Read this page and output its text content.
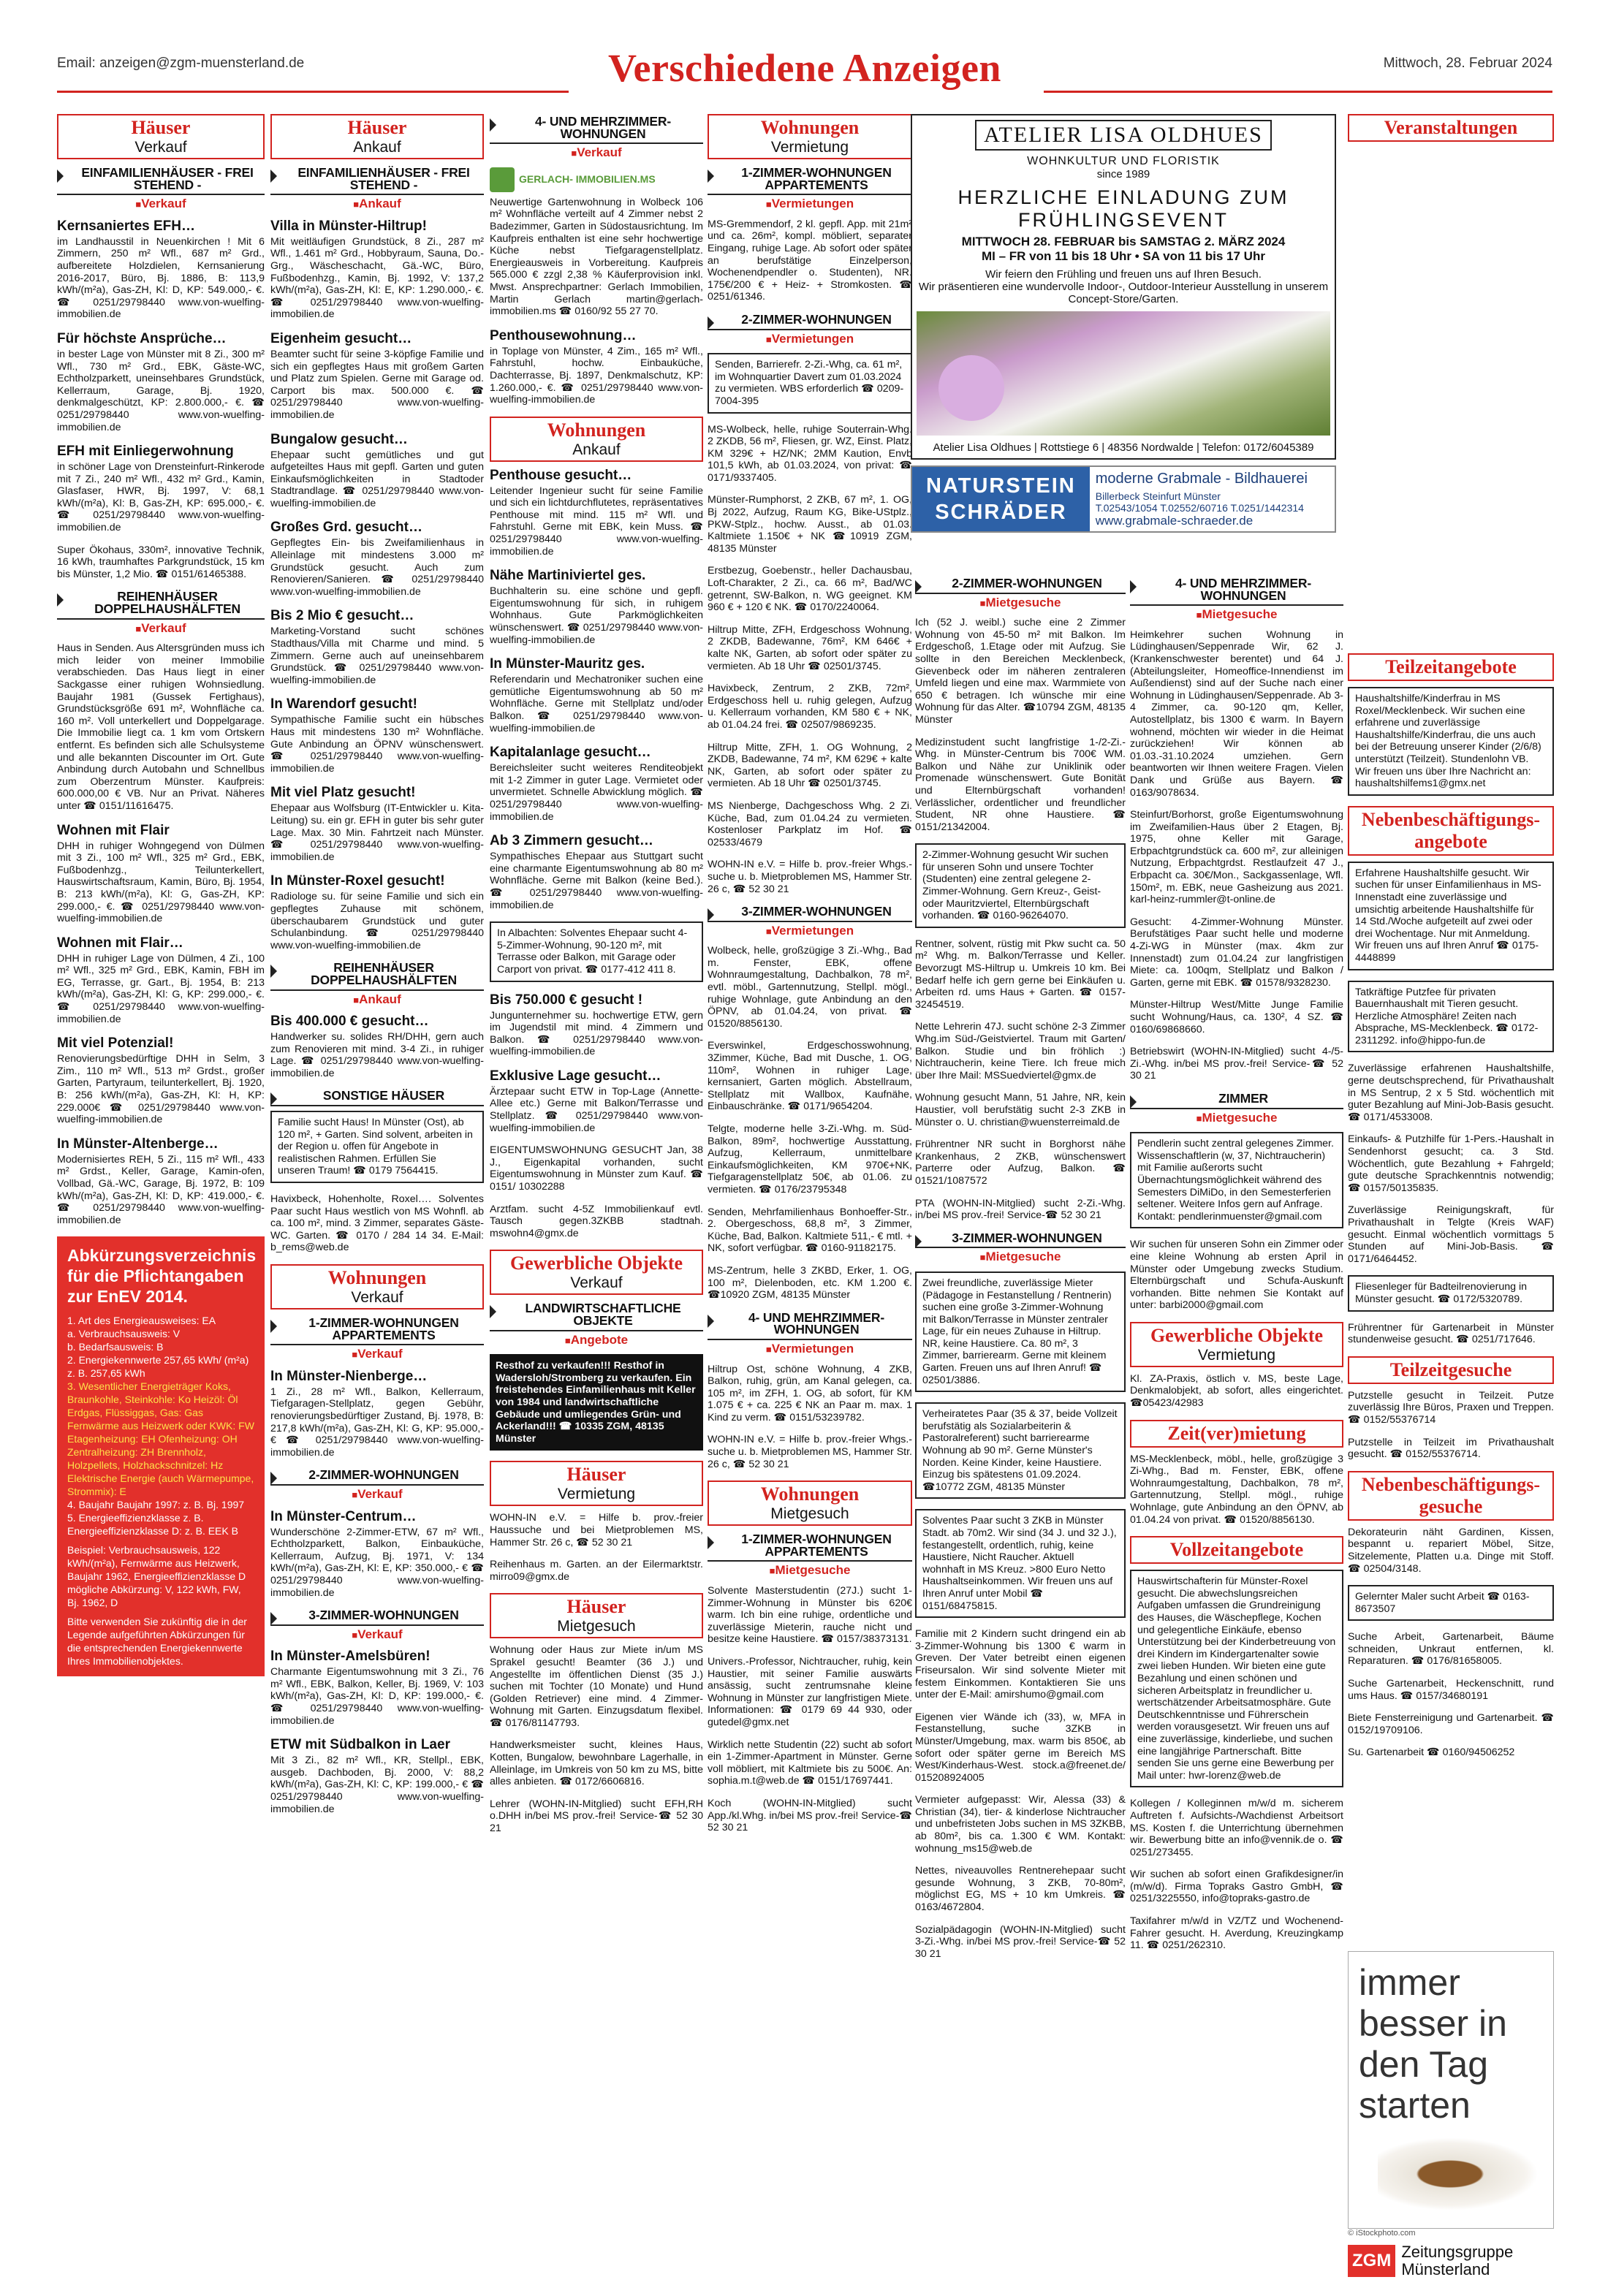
Email: anzeigen@zgm-muensterland.de	Verschiedene Anzeigen	Mittwoch, 28. Februar 2024
Häuser
Verkauf
EINFAMILIENHÄUSER - FREI STEHEND -
■ Verkauf
Kernsaniertes EFH…
im Landhausstil in Neuenkirchen ! Mit 6 Zimmern, 250 m² Wfl., 687 m² Grd., aufbereitete Holzdielen, Kernsanierung 2016-2017, Büro, Bj. 1886, B: 113,9 kWh/(m²a), Gas-ZH, Kl: D, KP: 549.000,- €. ☎ 0251/29798440 www.von-wuelfing-immobilien.de
Für höchste Ansprüche…
in bester Lage von Münster mit 8 Zi., 300 m² Wfl., 730 m² Grd., EBK, Gäste-WC, Echtholzparkett, uneinsehbares Grundstück, Kellerraum, Garage, Bj. 1920, denkmalgeschützt, KP: 2.800.000,- €. ☎ 0251/29798440 www.von-wuelfing-immobilien.de
EFH mit Einliegerwohnung
in schöner Lage von Drensteinfurt-Rinkerode mit 7 Zi., 240 m² Wfl., 432 m² Grd., Kamin, Glasfaser, HWR, Bj. 1997, V: 68,1 kWh/(m²a), Kl: B, Gas-ZH, KP: 695.000,- €. ☎ 0251/29798440 www.von-wuelfing-immobilien.de
Super Ökohaus, 330m², innovative Technik, 16 kWh, traumhaftes Parkgrundstück, 15 km bis Münster, 1,2 Mio. ☎ 0151/61465388.
REIHENHÄUSER DOPPELHAUSHÄLFTEN
■ Verkauf
Haus in Senden. Aus Altersgründen muss ich mich leider von meiner Immobilie verabschieden. Das Haus liegt in einer Sackgasse einer ruhigen Wohnsiedlung. Baujahr 1981 (Gussek Fertighaus), Grundstücksgröße 691 m², Wohnfläche ca. 160 m². Voll unterkellert und Doppelgarage. Die Immobilie liegt ca. 1 km vom Ortskern entfernt. Es befinden sich alle Schulsysteme und alle bekannten Discounter im Ort. Gute Anbindung durch Autobahn und Schnellbus zum Oberzentrum Münster. Kaufpreis: 600.000,00 € VB. Nur an Privat. Näheres unter ☎ 0151/11616475.
Wohnen mit Flair
DHH in ruhiger Wohngegend von Dülmen mit 3 Zi., 100 m² Wfl., 325 m² Grd., EBK, Fußbodenhzg., Teilunterkellert, Hauswirtschaftsraum, Kamin, Büro, Bj. 1954, B: 213 kWh/(m²a), Kl: G, Gas-ZH, KP: 299.000,- €. ☎ 0251/29798440 www.von-wuelfing-immobilien.de
Wohnen mit Flair…
DHH in ruhiger Lage von Dülmen, 4 Zi., 100 m² Wfl., 325 m² Grd., EBK, Kamin, FBH im EG, Terrasse, gr. Gart., Bj. 1954, B: 213 kWh/(m²a), Gas-ZH, Kl: G, KP: 299.000,- €. ☎ 0251/29798440 www.von-wuelfing-immobilien.de
Mit viel Potenzial!
Renovierungsbedürftige DHH in Selm, 3 Zim., 110 m² Wfl., 513 m² Grdst., großer Garten, Partyraum, teilunterkellert, Bj. 1920, B: 256 kWh/(m²a), Gas-ZH, Kl: H, KP: 229.000€ ☎ 0251/29798440 www.von-wuelfing-immobilien.de
In Münster-Altenberge…
Modernisiertes REH, 5 Zi., 115 m² Wfl., 433 m² Grdst., Keller, Garage, Kamin-ofen, Vollbad, Gä.-WC, Garage, Bj. 1972, B: 109 kWh/(m²a), Gas-ZH, Kl: D, KP: 419.000,- €. ☎ 0251/29798440 www.von-wuelfing-immobilien.de
Abkürzungsverzeichnis für die Pflichtangaben zur EnEV 2014.
1. Art des Energieausweises: EA
a. Verbrauchsausweis: V
b. Bedarfsausweis: B
2. Energiekennwerte 257,65 kWh/ (m²a) z. B. 257,65 kWh
3. Wesentlicher Energieträger Koks, Braunkohle, Steinkohle: Ko Heizöl: Öl Erdgas, Flüssiggas, Gas: Gas Fernwärme aus Heizwerk oder KWK: FW Etagenheizung: EH Ofenheizung: OH Zentralheizung: ZH Brennholz, Holzpellets, Holzhackschnitzel: Hz Elektrische Energie (auch Wärmepumpe, Strommix): E
4. Baujahr Baujahr 1997: z. B. Bj. 1997
5. Energieeffizienzklasse z. B. Energieeffizienzklasse D: z. B. EEK B
Beispiel: Verbrauchsausweis, 122 kWh/(m²a), Fernwärme aus Heizwerk, Baujahr 1962, Energieeffizienzklasse D mögliche Abkürzung: V, 122 kWh, FW, Bj. 1962, D
Bitte verwenden Sie zukünftig die in der Legende aufgeführten Abkürzungen für die entsprechenden Energiekennwerte Ihres Immobilienobjektes.
Häuser
Ankauf
EINFAMILIENHÄUSER - FREI STEHEND -
■ Ankauf
Villa in Münster-Hiltrup!
Mit weitläufigen Grundstück, 8 Zi., 287 m² Wfl., 1.461 m² Grd., Hobbyraum, Sauna, Do.-Grg., Wäscheschacht, Gä.-WC, Büro, Fußbodenhzg., Kamin, Bj. 1992, V: 137,2 kWh/(m²a), Gas-ZH, Kl: E, KP: 1.290.000,- €. ☎ 0251/29798440 www.von-wuelfing-immobilien.de
Eigenheim gesucht…
Beamter sucht für seine 3-köpfige Familie und sich ein gepflegtes Haus mit großem Garten und Platz zum Spielen. Gerne mit Garage od. Carport bis max. 500.000 €. ☎ 0251/29798440 www.von-wuelfing-immobilien.de
Bungalow gesucht…
Ehepaar sucht gemütliches und gut aufgeteiltes Haus mit gepfl. Garten und guten Einkaufsmöglichkeiten in Stadtoder Stadtrandlage. ☎ 0251/29798440 www.von-wuelfing-immobilien.de
Großes Grd. gesucht…
Gepflegtes Ein- bis Zweifamilienhaus in Alleinlage mit mindestens 3.000 m² Grundstück gesucht. Auch zum Renovieren/Sanieren. ☎ 0251/29798440 www.von-wuelfing-immobilien.de
Bis 2 Mio € gesucht…
Marketing-Vorstand sucht schönes Stadthaus/Villa mit Charme und mind. 5 Zimmern. Gerne auch auf uneinsehbarem Grundstück. ☎ 0251/29798440 www.von-wuelfing-immobilien.de
In Warendorf gesucht!
Sympathische Familie sucht ein hübsches Haus mit mindestens 130 m² Wohnfläche. Gute Anbindung an ÖPNV wünschenswert. ☎ 0251/29798440 www.von-wuelfing-immobilien.de
Mit viel Platz gesucht!
Ehepaar aus Wolfsburg (IT-Entwickler u. Kita-Leitung) su. ein gr. EFH in guter bis sehr guter Lage. Max. 30 Min. Fahrtzeit nach Münster. ☎ 0251/29798440 www.von-wuelfing-immobilien.de
In Münster-Roxel gesucht!
Radiologe su. für seine Familie und sich ein gepflegtes Zuhause mit schönem, überschaubarem Grundstück und guter Schulanbindung. ☎ 0251/29798440 www.von-wuelfing-immobilien.de
REIHENHÄUSER DOPPELHAUSHÄLFTEN
■ Ankauf
Bis 400.000 € gesucht…
Handwerker su. solides RH/DHH, gern auch zum Renovieren mit mind. 3-4 Zi., in ruhiger Lage. ☎ 0251/29798440 www.von-wuelfing-immobilien.de
SONSTIGE HÄUSER
Familie sucht Haus! In Münster (Ost), ab 120 m², + Garten. Sind solvent, arbeiten in der Region u. offen für Angebote in realistischen Rahmen. Erfüllen Sie unseren Traum! ☎ 0179 7564415.
Havixbeck, Hohenholte, Roxel…. Solventes Paar sucht Haus westlich von MS Wohnfl. ab ca. 100 m², mind. 3 Zimmer, separates Gäste-WC. Garten. ☎ 0170 / 284 14 34. E-Mail: b_rems@web.de
Wohnungen
Verkauf
1-ZIMMER-WOHNUNGEN APPARTEMENTS
■ Verkauf
In Münster-Nienberge…
1 Zi., 28 m² Wfl., Balkon, Kellerraum, Tiefgaragen-Stellplatz, gegen Gebühr, renovierungsbedürftiger Zustand, Bj. 1978, B: 217,8 kWh/(m²a), Gas-ZH, Kl: G, KP: 95.000,- € ☎ 0251/29798440 www.von-wuelfing-immobilien.de
2-ZIMMER-WOHNUNGEN
■ Verkauf
In Münster-Centrum…
Wunderschöne 2-Zimmer-ETW, 67 m² Wfl., Echtholzparkett, Balkon, Einbauküche, Kellerraum, Aufzug, Bj. 1971, V: 134 kWh/(m²a), Gas-ZH, Kl: E, KP: 350.000,- € ☎ 0251/29798440 www.von-wuelfing-immobilien.de
3-ZIMMER-WOHNUNGEN
■ Verkauf
In Münster-Amelsbüren!
Charmante Eigentumswohnung mit 3 Zi., 76 m² Wfl., EBK, Balkon, Keller, Bj. 1969, V: 103 kWh/(m²a), Gas-ZH, Kl: D, KP: 199.000,- €. ☎ 0251/29798440 www.von-wuelfing-immobilien.de
ETW mit Südbalkon in Laer
Mit 3 Zi., 82 m² Wfl., KR, Stellpl., EBK, ausgeb. Dachboden, Bj. 2000, V: 88,2 kWh/(m²a), Gas-ZH, Kl: C, KP: 199.000,- € ☎ 0251/29798440 www.von-wuelfing-immobilien.de
4- UND MEHRZIMMER-WOHNUNGEN
■ Verkauf
GERLACH- IMMOBILIEN.MS
Neuwertige Gartenwohnung in Wolbeck 106 m² Wohnfläche verteilt auf 4 Zimmer nebst 2 Badezimmer, Garten in Südostausrichtung. Im Kaufpreis enthalten ist eine sehr hochwertige Küche nebst Tiefgaragenstellplatz. Energieausweis in Vorbereitung. Kaufpreis 565.000 € zzgl 2,38 % Käuferprovision inkl. Mwst. Ansprechpartner: Gerlach Immobilien, Martin Gerlach martin@gerlach-immobilien.ms ☎ 0160/92 55 27 70.
Penthousewohnung…
in Toplage von Münster, 4 Zim., 165 m² Wfl., Fahrstuhl, hochw. Einbauküche, Dachterrasse, Bj. 1897, Denkmalschutz, KP: 1.260.000,- €. ☎ 0251/29798440 www.von-wuelfing-immobilien.de
Wohnungen
Ankauf
Penthouse gesucht…
Leitender Ingenieur sucht für seine Familie und sich ein lichtdurchflutetes, repräsentatives Penthouse mit mind. 115 m² Wfl. und Fahrstuhl. Gerne mit EBK, kein Muss. ☎ 0251/29798440 www.von-wuelfing-immobilien.de
Nähe Martiniviertel ges.
Buchhalterin su. eine schöne und gepfl. Eigentumswohnung für sich, in ruhigem Wohnhaus. Gute Parkmöglichkeiten wünschenswert. ☎ 0251/29798440 www.von-wuelfing-immobilien.de
In Münster-Mauritz ges.
Referendarin und Mechatroniker suchen eine gemütliche Eigentumswohnung ab 50 m² Wohnfläche. Gerne mit Stellplatz und/oder Balkon. ☎ 0251/29798440 www.von-wuelfing-immobilien.de
Kapitalanlage gesucht…
Bereichsleiter sucht weiteres Renditeobjekt mit 1-2 Zimmer in guter Lage. Vermietet oder unvermietet. Schnelle Abwicklung möglich. ☎ 0251/29798440 www.von-wuelfing-immobilien.de
Ab 3 Zimmern gesucht…
Sympathisches Ehepaar aus Stuttgart sucht eine charmante Eigentumswohnung ab 80 m² Wohnfläche. Gerne mit Balkon (keine Bed.). ☎ 0251/29798440 www.von-wuelfing-immobilien.de
In Albachten: Solventes Ehepaar sucht 4-5-Zimmer-Wohnung, 90-120 m², mit Terrasse oder Balkon, mit Garage oder Carport von privat. ☎ 0177-412 411 8.
Bis 750.000 € gesucht !
Jungunternehmer su. hochwertige ETW, gern im Jugendstil mit mind. 4 Zimmern und Balkon. ☎ 0251/29798440 www.von-wuelfing-immobilien.de
Exklusive Lage gesucht…
Ärztepaar sucht ETW in Top-Lage (Annette-Allee etc.) Gerne mit Balkon/Terrasse und Stellplatz. ☎ 0251/29798440 www.von-wuelfing-immobilien.de
EIGENTUMSWOHNUNG GESUCHT Jan, 38 J., Eigenkapital vorhanden, sucht Eigentumswohnung in Münster zum Kauf. ☎ 0151/ 10302288
Arztfam. sucht 4-5Z Immobilienkauf evtl. Tausch gegen.3ZKBB stadtnah. mswohn4@gmx.de
Gewerbliche Objekte
Verkauf
LANDWIRTSCHAFTLICHE OBJEKTE
■ Angebote
Resthof zu verkaufen!!! Resthof in Wadersloh/Stromberg zu verkaufen. Ein freistehendes Einfamilienhaus mit Keller von 1984 und landwirtschaftliche Gebäude und umliegendes Grün- und Ackerland!!! ☎ 10335 ZGM, 48135 Münster
Häuser
Vermietung
WOHN-IN e.V. = Hilfe b. prov.-freier Haussuche und bei Mietproblemen MS, Hammer Str. 26 c, ☎ 52 30 21
Reihenhaus m. Garten. an der Eilermarktstr. mirro09@gmx.de
Häuser
Mietgesuch
Wohnung oder Haus zur Miete in/um MS Sprakel gesucht! Beamter (36 J.) und Angestellte im öffentlichen Dienst (35 J.) suchen mit Tochter (10 Monate) und Hund (Golden Retriever) eine mind. 4 Zimmer-Wohnung mit Garten. Einzugsdatum flexibel. ☎ 0176/81147793.
Handwerksmeister sucht, kleines Haus, Kotten, Bungalow, bewohnbare Lagerhalle, in Alleinlage, im Umkreis von 50 km zu MS, bitte alles anbieten. ☎ 0172/6606816.
Lehrer (WOHN-IN-Mitglied) sucht EFH,RH o.DHH in/bei MS prov.-frei! Service-☎ 52 30 21
Wohnungen
Vermietung
1-ZIMMER-WOHNUNGEN APPARTEMENTS
■ Vermietungen
MS-Gremmendorf, 2 kl. gepfl. App. mit 21m² und ca. 26m², kompl. möbliert, separater Eingang, ruhige Lage. Ab sofort oder später an berufstätige Einzelperson, Wochenendpendler o. Studenten), NR. 175€/200 € + Heiz- + Stromkosten. ☎ 0251/61346.
2-ZIMMER-WOHNUNGEN
■ Vermietungen
Senden, Barrierefr. 2-Zi.-Whg, ca. 61 m², im Wohnquartier Davert zum 01.03.2024 zu vermieten. WBS erforderlich ☎ 0209-7004-395
MS-Wolbeck, helle, ruhige Souterrain-Whg. 2 ZKDB, 56 m², Fliesen, gr. WZ, Einst. Platz, KM 329€ + HZ/NK; 2MM Kaution, Envb 101,5 kWh, ab 01.03.2024, von privat: ☎ 0171/9337405.
Münster-Rumphorst, 2 ZKB, 67 m², 1. OG, Bj 2022, Aufzug, Raum KG, Bike-UStplz., PKW-Stplz., hochw. Ausst., ab 01.03. Kaltmiete 1.150€ + NK ☎10919 ZGM, 48135 Münster
Erstbezug, Goebenstr., heller Dachausbau, Loft-Charakter, 2 Zi., ca. 66 m², Bad/WC getrennt, SW-Balkon, n. WG geeignet. KM 960 € + 120 € NK. ☎ 0170/2240064.
Hiltrup Mitte, ZFH, Erdgeschoss Wohnung, 2 ZKDB, Badewanne, 76m², KM 646€ + kalte NK, Garten, ab sofort oder später zu vermieten. Ab 18 Uhr ☎ 02501/3745.
Havixbeck, Zentrum, 2 ZKB, 72m², Erdgeschoss hell u. ruhig gelegen, Aufzug u. Kellerraum vorhanden, KM 580 € + NK, ab 01.04.24 frei. ☎ 02507/9869235.
Hiltrup Mitte, ZFH, 1. OG Wohnung, 2 ZKDB, Badewanne, 74 m², KM 629€ + kalte NK, Garten, ab sofort oder später zu vermieten. Ab 18 Uhr ☎ 02501/3745.
MS Nienberge, Dachgeschoss Whg. 2 Zi. Küche, Bad, zum 01.04.24 zu vermieten. Kostenloser Parkplatz im Hof. ☎ 02533/4679
WOHN-IN e.V. = Hilfe b. prov.-freier Whgs.-suche u. b. Mietproblemen MS, Hammer Str. 26 c, ☎ 52 30 21
3-ZIMMER-WOHNUNGEN
■ Vermietungen
Wolbeck, helle, großzügige 3 Zi.-Whg., Bad m. Fenster, EBK, offene Wohnraumgestaltung, Dachbalkon, 78 m², evtl. möbl., Gartennutzung, Stellpl. mögl., ruhige Wohnlage, gute Anbindung an den ÖPNV, ab 01.04.24, von privat. ☎ 01520/8856130.
Everswinkel, Erdgeschosswohnung, 3Zimmer, Küche, Bad mit Dusche, 1. OG, 110m², Wohnen in ruhiger Lage, kernsaniert, Garten möglich. Abstellraum, Stellplatz mit Wallbox, Kaufnähe, Einbauschränke. ☎ 0171/9654204.
Telgte, moderne helle 3-Zi.-Whg. m. Süd-Balkon, 89m², hochwertige Ausstattung, Aufzug, Kellerraum, unmittelbare Einkaufsmöglichkeiten, KM 970€+NK, Tiefgaragenstellplatz 50€, ab 01.06. zu vermieten. ☎ 0176/23795348
Senden, Mehrfamilienhaus Bonhoeffer-Str., 2. Obergeschoss, 68,8 m², 3 Zimmer, Küche, Bad, Balkon. Kaltmiete 511,- € mtl. + NK, sofort verfügbar. ☎ 0160-91182175.
MS-Zentrum, helle 3 ZKBD, Erker, 1. OG, 100 m², Dielenboden, etc. KM 1.200 €. ☎10920 ZGM, 48135 Münster
4- UND MEHRZIMMER-WOHNUNGEN
■ Vermietungen
Hiltrup Ost, schöne Wohnung, 4 ZKB, Balkon, ruhig, grün, am Kanal gelegen, ca. 105 m², im ZFH, 1. OG, ab sofort, für KM 1.075 € + ca. 225 € NK an Paar m. max. 1 Kind zu verm. ☎ 0151/53239782.
WOHN-IN e.V. = Hilfe b. prov.-freier Whgs.-suche u. b. Mietproblemen MS, Hammer Str. 26 c, ☎ 52 30 21
Wohnungen
Mietgesuch
1-ZIMMER-WOHNUNGEN APPARTEMENTS
■ Mietgesuche
Solvente Masterstudentin (27J.) sucht 1-Zimmer-Wohnung in Münster bis 620€ warm. Ich bin eine ruhige, ordentliche und zuverlässige Mieterin, rauche nicht und besitze keine Haustiere. ☎ 0157/38373131.
Univers.-Professor, Nichtraucher, ruhig, kein Haustier, mit seiner Familie auswärts ansässig, sucht zentrumsnahe kleine Wohnung in Münster zur langfristigen Miete. Informationen: ☎ 0179 69 44 930, oder gutedel@gmx.net
Wirklich nette Studentin (22) sucht ab sofort ein 1-Zimmer-Apartment in Münster. Gerne voll möbliert, mit Kaltmiete bis zu 500€. An: sophia.m.t@web.de ☎ 0151/17697441.
Koch (WOHN-IN-Mitglied) sucht App./kl.Whg. in/bei MS prov.-frei! Service-☎ 52 30 21
ATELIER LISA OLDHUES
WOHNKULTUR UND FLORISTIK
since 1989
HERZLICHE EINLADUNG ZUM FRÜHLINGSEVENT
MITTWOCH 28. FEBRUAR bis SAMSTAG 2. MÄRZ 2024
MI – FR von 11 bis 18 Uhr • SA von 11 bis 17 Uhr
Wir feiern den Frühling und freuen uns auf Ihren Besuch.
Wir präsentieren eine wundervolle Indoor-, Outdoor-Interieur Ausstellung in unserem Concept-Store/Garten.
Atelier Lisa Oldhues | Rottstiege 6 | 48356 Nordwalde | Telefon: 0172/6045389
NATURSTEIN
SCHRÄDER
moderne Grabmale - Bildhauerei
Billerbeck Steinfurt Münster
T.02543/1054 T.02552/60716 T.0251/1442314
www.grabmale-schraeder.de
2-ZIMMER-WOHNUNGEN
■ Mietgesuche
Ich (52 J. weibl.) suche eine 2 Zimmer Wohnung von 45-50 m² mit Balkon. Im Erdgeschoß, 1.Etage oder mit Aufzug. Sie sollte in den Bereichen Mecklenbeck, Gievenbeck oder im näheren zentraleren Umfeld liegen und eine max. Warmmiete von 650 € betragen. Ich wünsche mir eine Wohnung für das Alter. ☎10794 ZGM, 48135 Münster
Medizinstudent sucht langfristige 1-/2-Zi.-Whg. in Münster-Centrum bis 700€ WM. Balkon und Nähe zur Uniklinik oder Promenade wünschenswert. Gute Bonität und Elternbürgschaft vorhanden! Verlässlicher, ordentlicher und freundlicher Student, NR ohne Haustiere. ☎ 0151/21342004.
2-Zimmer-Wohnung gesucht Wir suchen für unseren Sohn und unsere Tochter (Studenten) eine zentral gelegene 2-Zimmer-Wohnung. Gern Kreuz-, Geist- oder Mauritzviertel, Elternbürgschaft vorhanden. ☎ 0160-96264070.
Rentner, solvent, rüstig mit Pkw sucht ca. 50 m² Whg. m. Balkon/Terrasse und Keller. Bevorzugt MS-Hiltrup u. Umkreis 10 km. Bei Bedarf helfe ich gern gerne bei Einkäufen u. Arbeiten rd. ums Haus + Garten. ☎ 0157-32454519.
Nette Lehrerin 47J. sucht schöne 2-3 Zimmer Whg.im Süd-/Geistviertel. Traum mit Garten/ Balkon. Studie und bin fröhlich :) Nichtraucherin, keine Tiere. Ich freue mich über Ihre Mail: MSSuedviertel@gmx.de
Wohnung gesucht Mann, 51 Jahre, NR, kein Haustier, voll berufstätig sucht 2-3 ZKB in Münster o. U. christian@wuensterreimald.de
Frührentner NR sucht in Borghorst nähe Krankenhaus, 2 ZKB, wünschenswert Parterre oder Aufzug, Balkon. ☎ 01521/1087572
PTA (WOHN-IN-Mitglied) sucht 2-Zi.-Whg. in/bei MS prov.-frei! Service-☎ 52 30 21
3-ZIMMER-WOHNUNGEN
■ Mietgesuche
Zwei freundliche, zuverlässige Mieter (Pädagoge in Festanstellung / Rentnerin) suchen eine große 3-Zimmer-Wohnung mit Balkon/Terrasse in Münster zentraler Lage, für ein neues Zuhause in Hiltrup. NR, keine Haustiere. Ca. 80 m², 3 Zimmer, barrierearm. Gerne mit kleinem Garten. Freuen uns auf Ihren Anruf! ☎ 02501/3886.
Verheiratetes Paar (35 & 37, beide Vollzeit berufstätig als Sozialarbeiterin & Pastoralreferent) sucht barrierearme Wohnung ab 90 m². Gerne Münster's Norden. Keine Kinder, keine Haustiere. Einzug bis spätestens 01.09.2024. ☎10772 ZGM, 48135 Münster
Solventes Paar sucht 3 ZKB in Münster Stadt. ab 70m2. Wir sind (34 J. und 32 J.), festangestellt, ordentlich, ruhig, keine Haustiere, Nicht Raucher. Aktuell wohnhaft in MS Kreuz. >800 Euro Netto Haushaltseinkommen. Wir freuen uns auf Ihren Anruf unter Mobil ☎ 0151/68475815.
Familie mit 2 Kindern sucht dringend ein ab 3-Zimmer-Wohnung bis 1300 € warm in Greven. Der Vater betreibt einen eigenen Friseursalon. Wir sind solvente Mieter mit festem Einkommen. Kontaktieren Sie uns unter der E-Mail: amirshumo@gmail.com
Eigenen vier Wände ich (33), w, MFA in Festanstellung, suche 3ZKB in Münster/Umgebung, max. warm bis 850€, ab sofort oder später gerne im Bereich MS West/Kinderhaus-West. stock.a@freenet.de/ 015208924005
Vermieter aufgepasst: Wir, Alessa (33) & Christian (34), tier- & kinderlose Nichtraucher und unbefristeten Jobs suchen in MS 3ZKBB, ab 80m², bis ca. 1.300 € WM. Kontakt: wohnung_ms15@web.de
Nettes, niveauvolles Rentnerehepaar sucht gesunde Wohnung, 3 ZKB, 70-80m², möglichst EG, MS + 10 km Umkreis. ☎ 0163/4672804.
Sozialpädagogin (WOHN-IN-Mitglied) sucht 3-Zi.-Whg. in/bei MS prov.-frei! Service-☎ 52 30 21
4- UND MEHRZIMMER-WOHNUNGEN
■ Mietgesuche
Heimkehrer suchen Wohnung in Lüdinghausen/Seppenrade Wir, 62 J. (Krankenschwester berentet) und 64 J. (Abteilungsleiter, Homeoffice-Innendienst im Außendienst) sind auf der Suche nach einer Wohnung in Lüdinghausen/Seppenrade. Ab 3-4 Zimmer, ca. 90-120 qm, Keller, Autostellplatz, bis 1300 € warm. In Bayern wohnend, möchten wir wieder in die Heimat zurückziehen! Wir können ab 01.03.-31.10.2024 umziehen. Gern beantworten wir Ihnen weitere Fragen. Vielen Dank und Grüße aus Bayern. ☎ 0163/9078634.
Steinfurt/Borhorst, große Eigentumswohnung im Zweifamilien-Haus über 2 Etagen, Bj. 1975, ohne Keller mit Garage, Erbpachtgrundstück ca. 600 m², zur alleinigen Nutzung, Erbpachtgrdst. Restlaufzeit 47 J., Erbpacht ca. 30€/Mon., Sackgassenlage, Wfl. 150m², m. EBK, neue Gasheizung aus 2021. karl-heinz-rummler@t-online.de
Gesucht: 4-Zimmer-Wohnung Münster. Berufstätiges Paar sucht helle und moderne 4-Zi-WG in Münster (max. 4km zur Innenstadt) zum 01.04.24 zur langfristigen Miete: ca. 100qm, Stellplatz und Balkon / Garten, gerne mit EBK. ☎ 01578/9328230.
Münster-Hiltrup West/Mitte Junge Familie sucht Wohnung/Haus, ca. 130², 4 SZ. ☎ 0160/69868660.
Betriebswirt (WOHN-IN-Mitglied) sucht 4-/5-Zi.-Whg. in/bei MS prov.-frei! Service-☎ 52 30 21
ZIMMER
■ Mietgesuche
Pendlerin sucht zentral gelegenes Zimmer. Wissenschaftlerin (w, 37, Nichtraucherin) mit Familie außerorts sucht Übernachtungsmöglichkeit während des Semesters DiMiDo, in den Semesterferien seltener. Weitere Infos gern auf Anfrage. Kontakt: pendlerinmuenster@gmail.com
Wir suchen für unseren Sohn ein Zimmer oder eine kleine Wohnung ab ersten April in Münster oder Umgebung zwecks Studium. Elternbürgschaft und Schufa-Auskunft vorhanden. Bitte nehmen Sie Kontakt auf unter: barbi2000@gmail.com
Gewerbliche Objekte
Vermietung
Kl. ZA-Praxis, östlich v. MS, beste Lage, Denkmalobjekt, ab sofort, alles eingerichtet. ☎05423/42983
Zeit(ver)mietung
MS-Mecklenbeck, möbl., helle, großzügige 3 Zi-Whg., Bad m. Fenster, EBK, offene Wohnraumgestaltung, Dachbalkon, 78 m², Gartennutzung, Stellpl. mögl., ruhige Wohnlage, gute Anbindung an den ÖPNV, ab 01.04.24 von privat. ☎ 01520/8856130.
Vollzeitangebote
Hauswirtschafterin für Münster-Roxel gesucht. Die abwechslungsreichen Aufgaben umfassen die Grundreinigung des Hauses, die Wäschepflege, Kochen und gelegentliche Einkäufe, ebenso Unterstützung bei der Kinderbetreuung von drei Kindern im Kindergartenalter sowie zwei lieben Hunden. Wir bieten eine gute Bezahlung und einen schönen und sicheren Arbeitsplatz in freundlicher u. wertschätzender Arbeitsatmosphäre. Gute Deutschkenntnisse und Führerschein werden vorausgesetzt. Wir freuen uns auf eine zuverlässige, kinderliebe, und suchen eine langjährige Partnerschaft. Bitte senden Sie uns gerne eine Bewerbung per Mail unter: hwr-lorenz@web.de
Kollegen / Kolleginnen m/w/d m. sicherem Auftreten f. Aufsichts-/Wachdienst Arbeitsort MS. Kosten f. die Unterrichtung übernehmen wir. Bewerbung bitte an info@vennik.de o. ☎ 0251/273455.
Wir suchen ab sofort einen Grafikdesigner/in (m/w/d). Firma Topraks Gastro GmbH, ☎ 0251/3225550, info@topraks-gastro.de
Taxifahrer m/w/d in VZ/TZ und Wochenend-Fahrer gesucht. H. Averdung, Kreuzingkamp 11. ☎ 0251/262310.
Veranstaltungen
Teilzeitangebote
Haushaltshilfe/Kinderfrau in MS Roxel/Mecklenbeck. Wir suchen eine erfahrene und zuverlässige Haushaltshilfe/Kinderfrau, die uns auch bei der Betreuung unserer Kinder (2/6/8) unterstützt (Teilzeit). Stundenlohn VB. Wir freuen uns über Ihre Nachricht an: haushaltshilfems1@gmx.net
Nebenbeschäftigungs-angebote
Erfahrene Haushaltshilfe gesucht. Wir suchen für unser Einfamilienhaus in MS-Innenstadt eine zuverlässige und umsichtig arbeitende Haushaltshilfe für 14 Std./Woche aufgeteilt auf zwei oder drei Wochentage. Nur mit Anmeldung. Wir freuen uns auf Ihren Anruf ☎ 0175-4448899
Tatkräftige Putzfee für privaten Bauernhaushalt mit Tieren gesucht. Herzliche Atmosphäre! Zeiten nach Absprache, MS-Mecklenbeck. ☎ 0172-2311292. info@hippo-fun.de
Zuverlässige erfahrenen Haushaltshilfe, gerne deutschsprechend, für Privathaushalt in MS Sentrup, 2 x 5 Std. wöchentlich mit guter Bezahlung auf Mini-Job-Basis gesucht. ☎ 0171/4533008.
Einkaufs- & Putzhilfe für 1-Pers.-Haushalt in Sendenhorst gesucht; ca. 3 Std. Wöchentlich, gute Bezahlung + Fahrgeld; gute deutsche Sprachkenntnis notwendig; ☎ 0157/50135835.
Zuverlässige Reinigungskraft, für Privathaushalt in Telgte (Kreis WAF) gesucht. Einmal wöchentlich vormittags 5 Stunden auf Mini-Job-Basis. ☎ 0171/6464452.
Fliesenleger für Badteilrenovierung in Münster gesucht. ☎ 0172/5320789.
Frührentner für Gartenarbeit in Münster stundenweise gesucht. ☎ 0251/717646.
Teilzeitgesuche
Putzstelle gesucht in Teilzeit. Putze zuverlässig Ihre Büros, Praxen und Treppen. ☎ 0152/55376714
Putzstelle in Teilzeit im Privathaushalt gesucht. ☎ 0152/55376714.
Nebenbeschäftigungs-gesuche
Dekorateurin näht Gardinen, Kissen, bespannt u. repariert Möbel, Sitze, Sitzelemente, Platten u.a. Dinge mit Stoff. ☎ 02504/3148.
Gelernter Maler sucht Arbeit ☎ 0163-8673507
Suche Arbeit, Gartenarbeit, Bäume schneiden, Unkraut entfernen, kl. Reparaturen. ☎ 0176/81658005.
Suche Gartenarbeit, Heckenschnitt, rund ums Haus. ☎ 0157/34680191
Biete Fensterreinigung und Gartenarbeit. ☎ 0152/19709106.
Su. Gartenarbeit ☎ 0160/94506252
immer besser in den Tag starten
© iStockphoto.com
ZGM Zeitungsgruppe Münsterland
